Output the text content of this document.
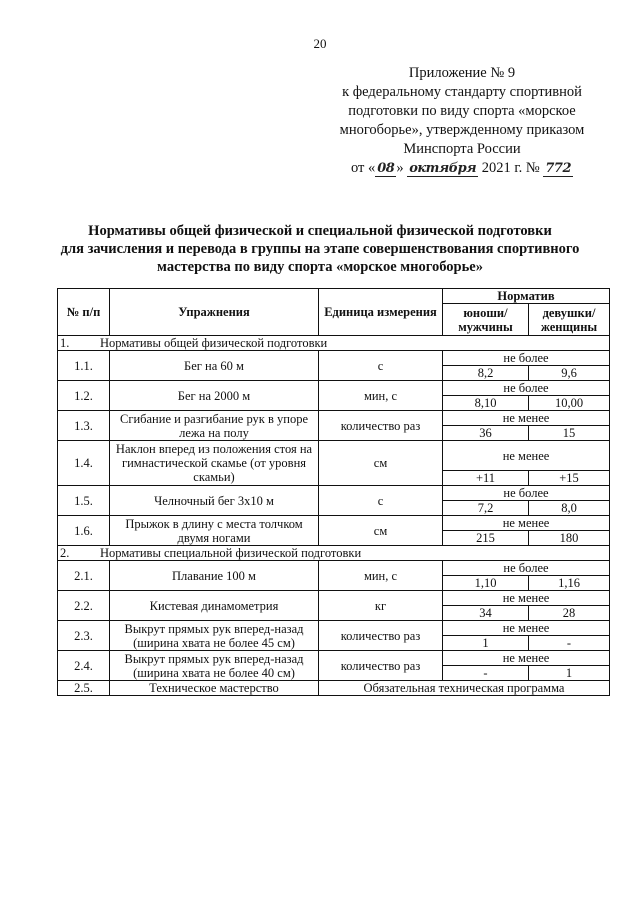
20
Приложение № 9
к федеральному стандарту спортивной
подготовки по виду спорта «морское
многоборье», утвержденному приказом
Минспорта России
от « 08 » октября 2021 г. № 772
Нормативы общей физической и специальной физической подготовки
для зачисления и перевода в группы на этапе совершенствования спортивного
мастерства по виду спорта «морское многоборье»
№ п/п	Упражнения	Единица измерения	Норматив	
			юноши/ мужчины	девушки/ женщины
1. Нормативы общей физической подготовки				
1.1.	Бег на 60 м	с	не более	
			8,2	9,6
1.2.	Бег на 2000 м	мин, с	не более	
			8,10	10,00
1.3.	Сгибание и разгибание рук в упоре лежа на полу	количество раз	не менее	
			36	15
1.4.	Наклон вперед из положения стоя на гимнастической скамье (от уровня скамьи)	см	не менее	
			+11	+15
1.5.	Челночный бег 3х10 м	с	не более	
			7,2	8,0
1.6.	Прыжок в длину с места толчком двумя ногами	см	не менее	
			215	180
2. Нормативы специальной физической подготовки				
2.1.	Плавание 100 м	мин, с	не более	
			1,10	1,16
2.2.	Кистевая динамометрия	кг	не менее	
			34	28
2.3.	Выкрут прямых рук вперед-назад (ширина хвата не более 45 см)	количество раз	не менее	
			1	-
2.4.	Выкрут прямых рук вперед-назад (ширина хвата не более 40 см)	количество раз	не менее	
			-	1
2.5.	Техническое мастерство	Обязательная техническая программа		
